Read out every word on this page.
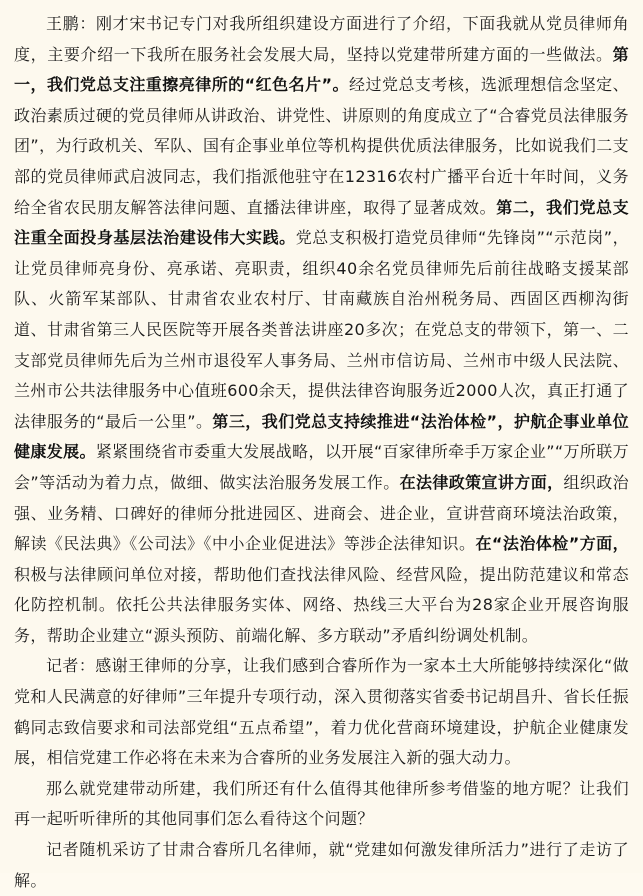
王鹏：刚才宋书记专门对我所组织建设方面进行了介绍，下面我就从党员律师角度，主要介绍一下我所在服务社会发展大局，坚持以党建带所建方面的一些做法。第一，我们党总支注重擦亮律所的“红色名片”。经过党总支考核，选派理想信念坚定、政治素质过硬的党员律师从讲政治、讲党性、讲原则的角度成立了“合睿党员法律服务团”，为行政机关、军队、国有企事业单位等机构提供优质法律服务，比如说我们二支部的党员律师武启波同志，我们指派他驻守在12316农村广播平台近十年时间，义务给全省农民朋友解答法律问题、直播法律讲座，取得了显著成效。第二，我们党总支注重全面投身基层法治建设伟大实践。党总支积极打造党员律师“先锋岗”“示范岗”，让党员律师亮身份、亮承诺、亮职责，组织40余名党员律师先后前往战略支援某部队、火箭军某部队、甘肃省农业农村厅、甘南藏族自治州税务局、西固区西柳沟街道、甘肃省第三人民医院等开展各类普法讲座20多次；在党总支的带领下，第一、二支部党员律师先后为兰州市退役军人事务局、兰州市信访局、兰州市中级人民法院、兰州市公共法律服务中心值班600余天，提供法律咨询服务近2000人次，真正打通了法律服务的“最后一公里”。第三，我们党总支持续推进“法治体检”，护航企事业单位健康发展。紧紧围绕省市委重大发展战略，以开展“百家律所牵手万家企业”“万所联万会”等活动为着力点，做细、做实法治服务发展工作。在法律政策宣讲方面，组织政治强、业务精、口碑好的律师分批进园区、进商会、进企业，宣讲营商环境法治政策，解读《民法典》《公司法》《中小企业促进法》等涉企法律知识。在“法治体检”方面，积极与法律顾问单位对接，帮助他们查找法律风险、经营风险，提出防范建议和常态化防控机制。依托公共法律服务实体、网络、热线三大平台为28家企业开展咨询服务，帮助企业建立“源头预防、前端化解、多方联动”矛盾纠纷调处机制。

记者：感谢王律师的分享，让我们感到合睿所作为一家本土大所能够持续深化“做党和人民满意的好律师”三年提升专项行动，深入贯彻落实省委书记胡昌升、省长任振鹤同志致信要求和司法部党组“五点希望”，着力优化营商环境建设，护航企业健康发展，相信党建工作必将在未来为合睿所的业务发展注入新的强大动力。

那么就党建带动所建，我们所还有什么值得其他律所参考借鉴的地方呢？让我们再一起听听律所的其他同事们怎么看待这个问题？

记者随机采访了甘肃合睿所几名律师，就“党建如何激发律所活力”进行了走访了解。
